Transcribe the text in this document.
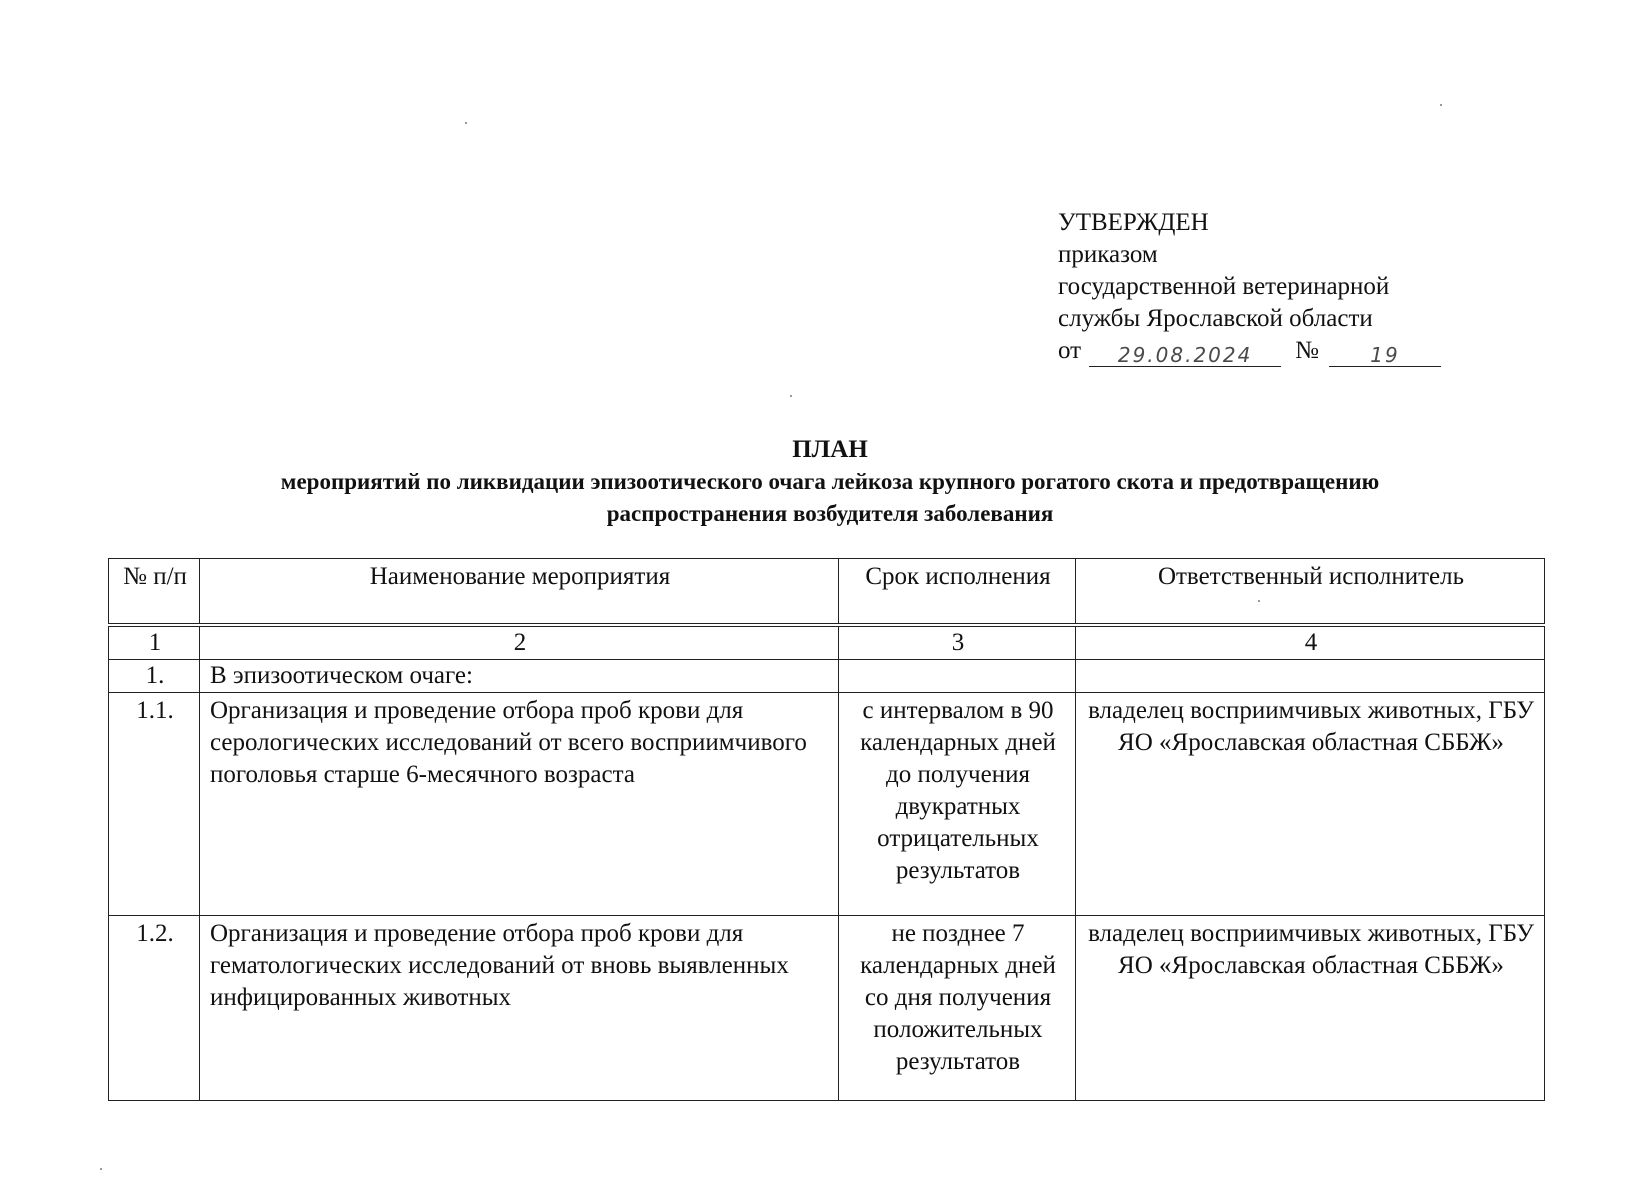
УТВЕРЖДЕН
приказом
государственной ветеринарной
службы Ярославской области
от	29.08.2024	№	19
ПЛАН
мероприятий по ликвидации эпизоотического очага лейкоза крупного рогатого скота и предотвращению
распространения возбудителя заболевания
№ п/п	Наименование мероприятия	Срок исполнения	Ответственный исполнитель
1	2	3	4
1.	В эпизоотическом очаге:		
1.1.	Организация и проведение отбора проб крови для серологических исследований от всего восприимчивого поголовья старше 6-месячного возраста	с интервалом в 90 календарных дней до получения двукратных отрицательных результатов	владелец восприимчивых животных, ГБУ ЯО «Ярославская областная СББЖ»
1.2.	Организация и проведение отбора проб крови для гематологических исследований от вновь выявленных инфицированных животных	не позднее 7 календарных дней со дня получения положительных результатов	владелец восприимчивых животных, ГБУ ЯО «Ярославская областная СББЖ»
